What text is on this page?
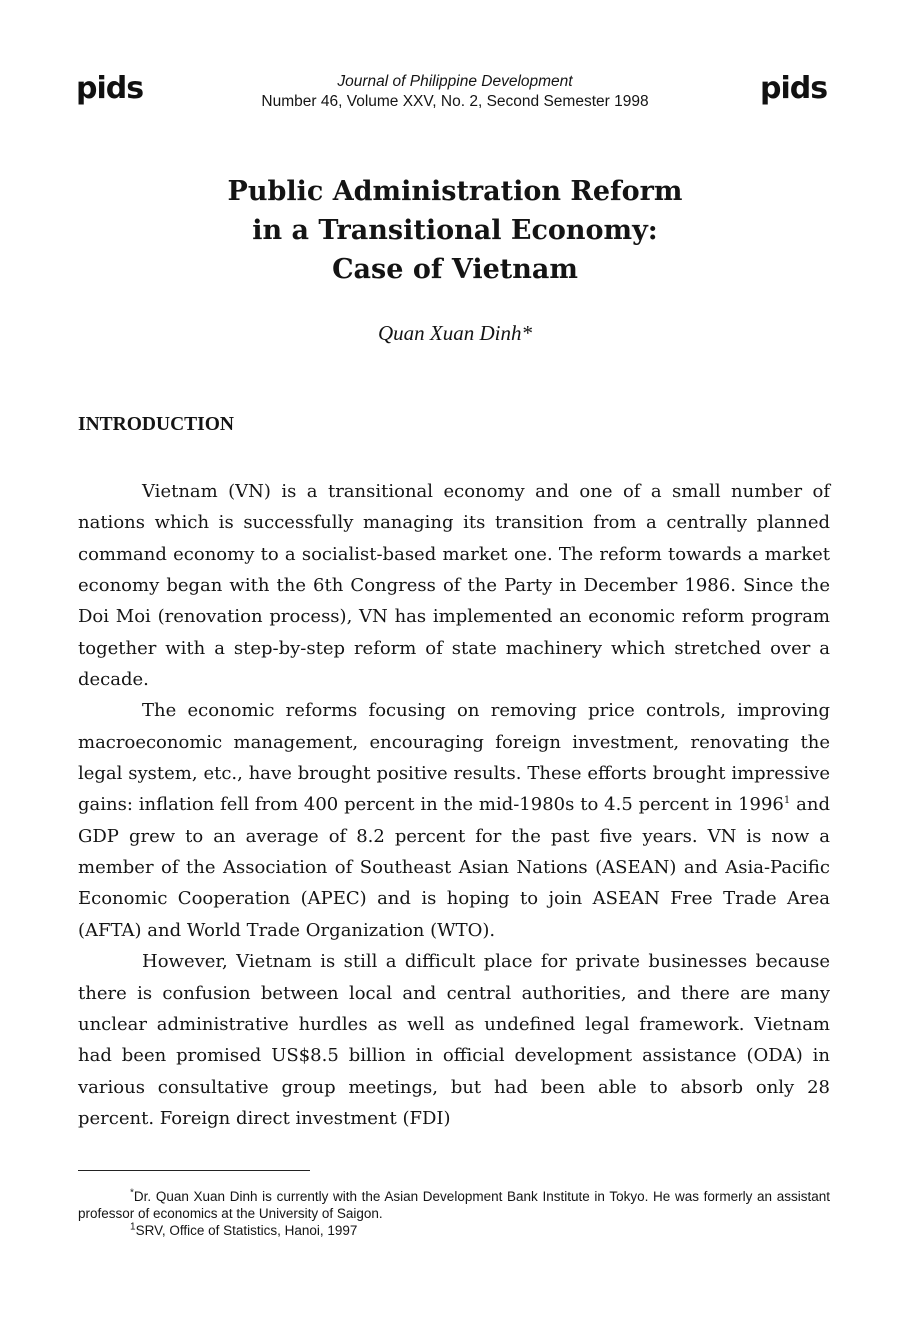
pids	Journal of Philippine Development
Number 46, Volume XXV, No. 2, Second Semester 1998	pids
Public Administration Reform
in a Transitional Economy:
Case of Vietnam
Quan Xuan Dinh*
INTRODUCTION

Vietnam (VN) is a transitional economy and one of a small number of nations which is successfully managing its transition from a centrally planned command economy to a socialist-based market one. The reform towards a market economy began with the 6th Congress of the Party in December 1986. Since the Doi Moi (renovation process), VN has implemented an economic reform program together with a step-by-step reform of state machinery which stretched over a decade.

The economic reforms focusing on removing price controls, improving macroeconomic management, encouraging foreign investment, renovating the legal system, etc., have brought positive results. These efforts brought impressive gains: inflation fell from 400 percent in the mid-1980s to 4.5 percent in 1996$^1$ and GDP grew to an average of 8.2 percent for the past five years. VN is now a member of the Association of Southeast Asian Nations (ASEAN) and Asia-Pacific Economic Cooperation (APEC) and is hoping to join ASEAN Free Trade Area (AFTA) and World Trade Organization (WTO).

However, Vietnam is still a difficult place for private businesses because there is confusion between local and central authorities, and there are many unclear administrative hurdles as well as undefined legal framework. Vietnam had been promised US$8.5 billion in official development assistance (ODA) in various consultative group meetings, but had been able to absorb only 28 percent. Foreign direct investment (FDI)

*Dr. Quan Xuan Dinh is currently with the Asian Development Bank Institute in Tokyo. He was formerly an assistant professor of economics at the University of Saigon.

$^1$SRV, Office of Statistics, Hanoi, 1997
